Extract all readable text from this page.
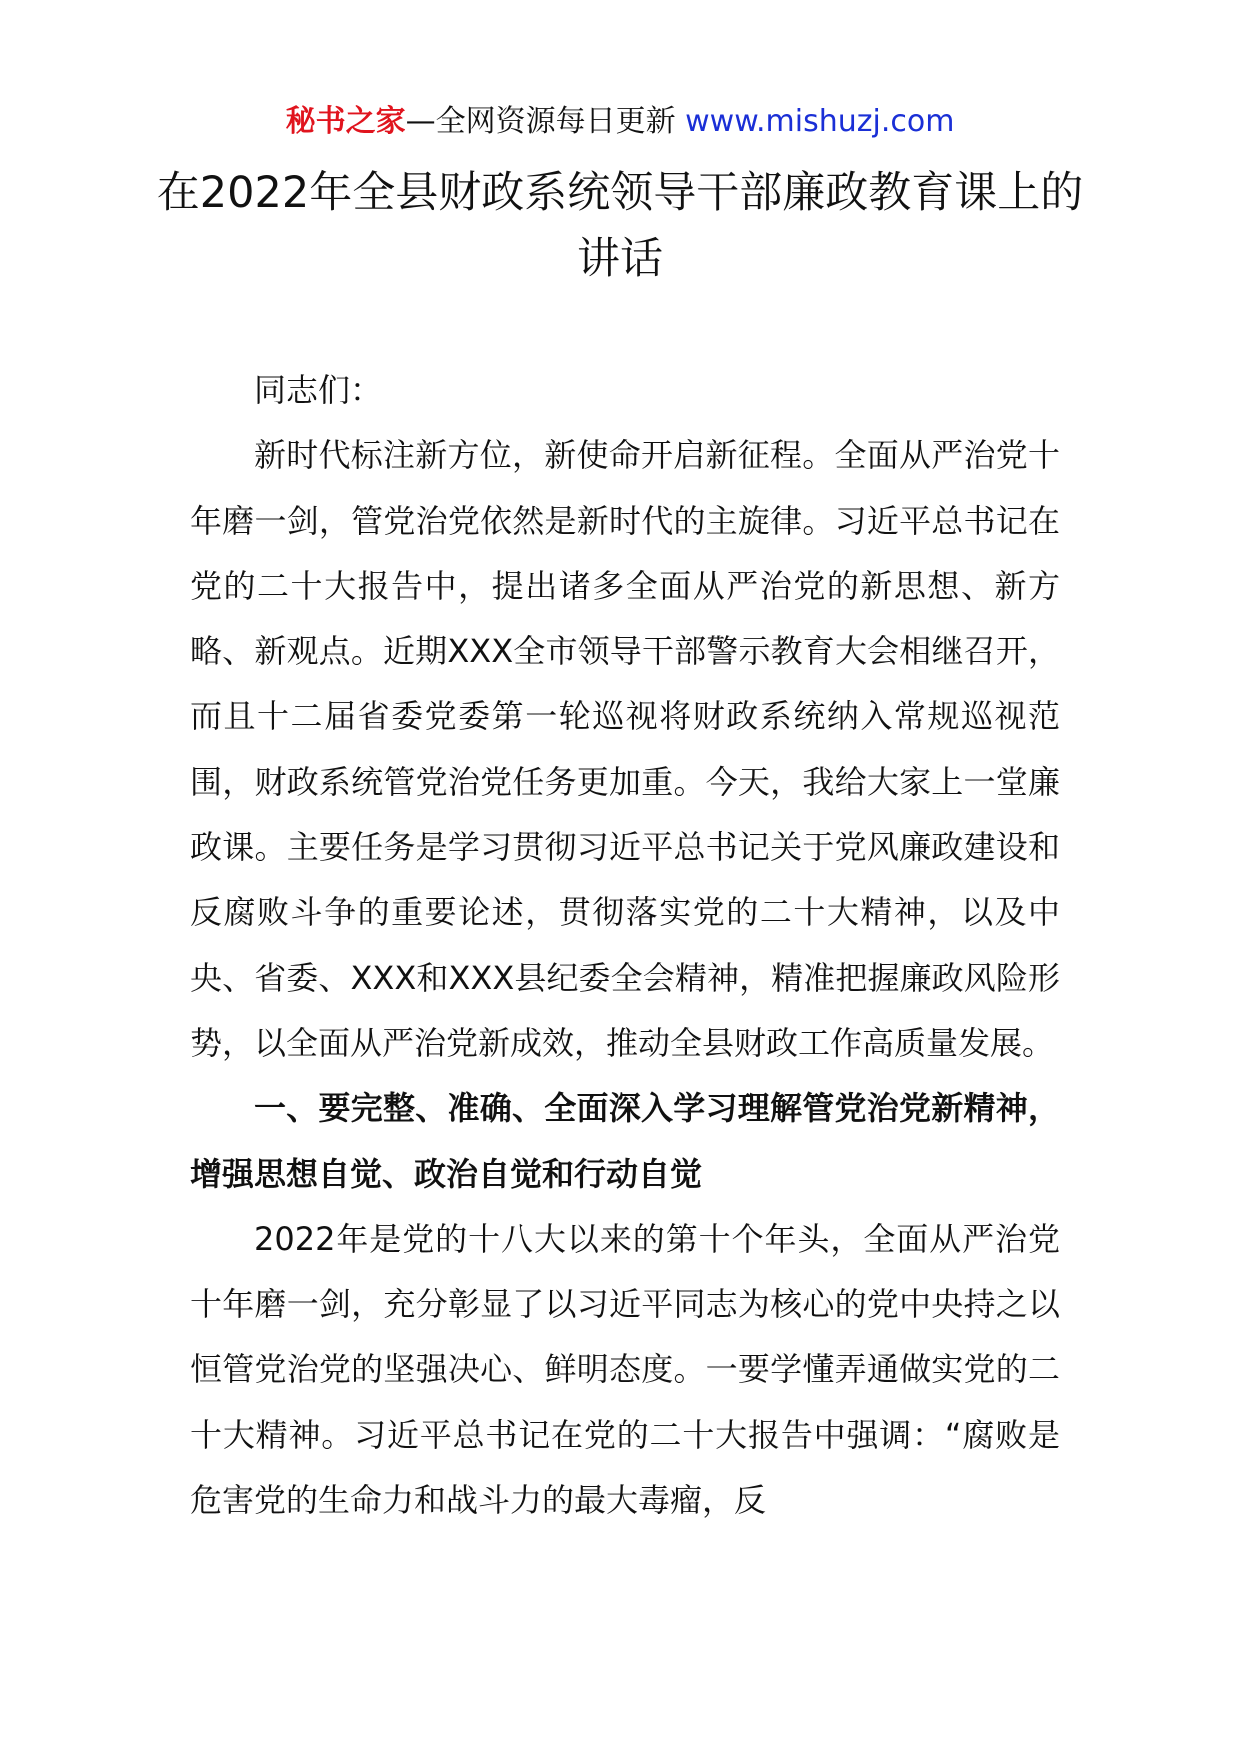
秘书之家—全网资源每日更新 www.mishuzj.com
在2022年全县财政系统领导干部廉政教育课上的讲话

同志们：

新时代标注新方位，新使命开启新征程。全面从严治党十年磨一剑，管党治党依然是新时代的主旋律。习近平总书记在党的二十大报告中，提出诸多全面从严治党的新思想、新方略、新观点。近期XXX全市领导干部警示教育大会相继召开，而且十二届省委党委第一轮巡视将财政系统纳入常规巡视范围，财政系统管党治党任务更加重。今天，我给大家上一堂廉政课。主要任务是学习贯彻习近平总书记关于党风廉政建设和反腐败斗争的重要论述，贯彻落实党的二十大精神，以及中央、省委、XXX和XXX县纪委全会精神，精准把握廉政风险形势，以全面从严治党新成效，推动全县财政工作高质量发展。

一、要完整、准确、全面深入学习理解管党治党新精神，增强思想自觉、政治自觉和行动自觉

2022年是党的十八大以来的第十个年头，全面从严治党十年磨一剑，充分彰显了以习近平同志为核心的党中央持之以恒管党治党的坚强决心、鲜明态度。一要学懂弄通做实党的二十大精神。习近平总书记在党的二十大报告中强调：“腐败是危害党的生命力和战斗力的最大毒瘤，反
